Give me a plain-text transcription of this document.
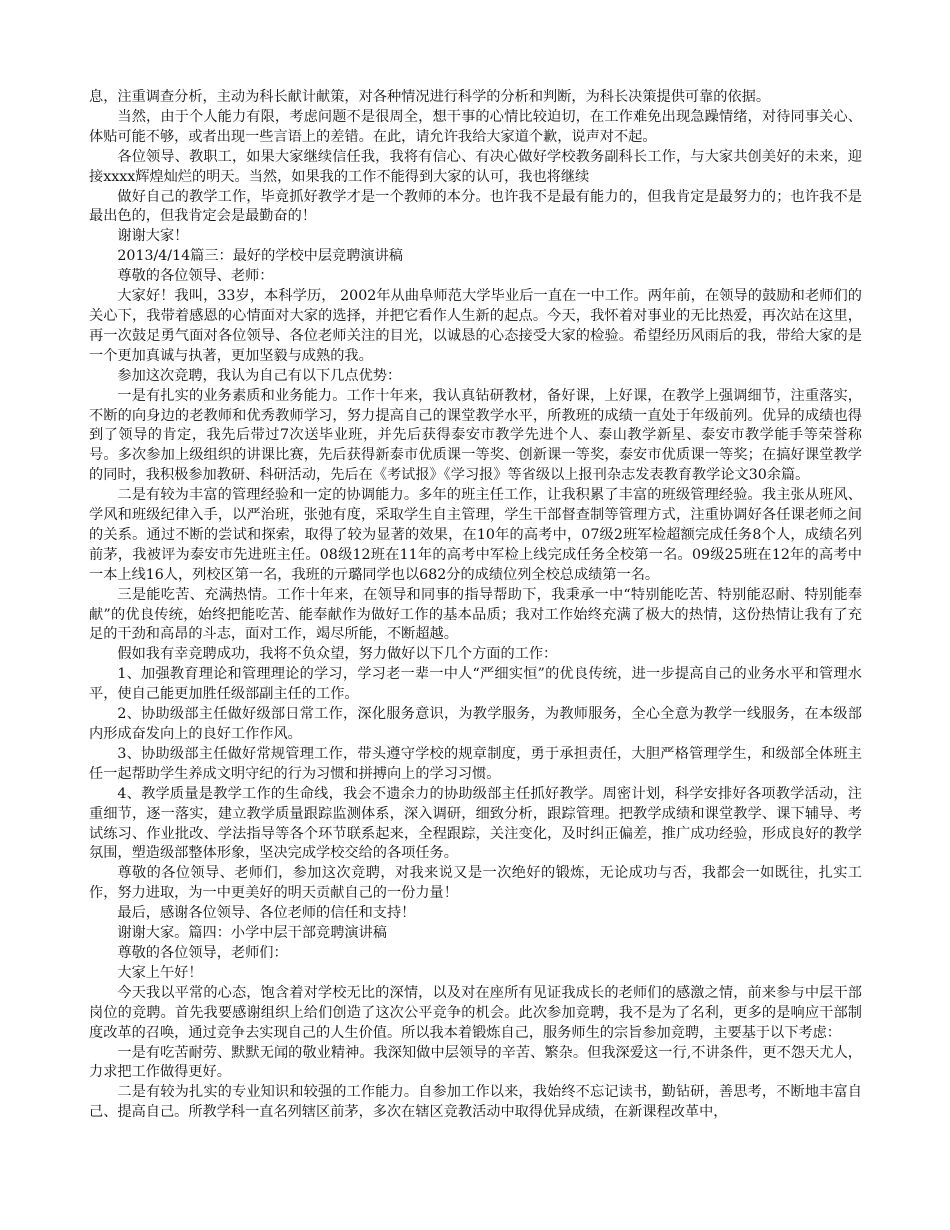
息，注重调查分析，主动为科长献计献策，对各种情况进行科学的分析和判断，为科长决策提供可靠的依据。

当然，由于个人能力有限，考虑问题不是很周全，想干事的心情比较迫切，在工作难免出现急躁情绪，对待同事关心、体贴可能不够，或者出现一些言语上的差错。在此，请允许我给大家道个歉，说声对不起。

各位领导、教职工，如果大家继续信任我，我将有信心、有决心做好学校教务副科长工作，与大家共创美好的未来，迎接xxxx辉煌灿烂的明天。当然，如果我的工作不能得到大家的认可，我也将继续

做好自己的教学工作，毕竟抓好教学才是一个教师的本分。也许我不是最有能力的，但我肯定是最努力的；也许我不是最出色的，但我肯定会是最勤奋的！

谢谢大家！

2013/4/14篇三：最好的学校中层竞聘演讲稿

尊敬的各位领导、老师：

大家好！我叫，33岁，本科学历， 2002年从曲阜师范大学毕业后一直在一中工作。两年前，在领导的鼓励和老师们的关心下，我带着感恩的心情面对大家的选择，并把它看作人生新的起点。今天，我怀着对事业的无比热爱，再次站在这里，再一次鼓足勇气面对各位领导、各位老师关注的目光，以诚恳的心态接受大家的检验。希望经历风雨后的我，带给大家的是一个更加真诚与执著，更加坚毅与成熟的我。

参加这次竞聘，我认为自己有以下几点优势：

一是有扎实的业务素质和业务能力。工作十年来，我认真钻研教材，备好课，上好课，在教学上强调细节，注重落实，不断的向身边的老教师和优秀教师学习，努力提高自己的课堂教学水平，所教班的成绩一直处于年级前列。优异的成绩也得到了领导的肯定，我先后带过7次送毕业班，并先后获得泰安市教学先进个人、泰山教学新星、泰安市教学能手等荣誉称号。多次参加上级组织的讲课比赛，先后获得新泰市优质课一等奖、创新课一等奖，泰安市优质课一等奖；在搞好课堂教学的同时，我积极参加教研、科研活动，先后在《考试报》《学习报》等省级以上报刊杂志发表教育教学论文30余篇。

二是有较为丰富的管理经验和一定的协调能力。多年的班主任工作，让我积累了丰富的班级管理经验。我主张从班风、学风和班级纪律入手，以严治班，张弛有度，采取学生自主管理，学生干部督查制等管理方式，注重协调好各任课老师之间的关系。通过不断的尝试和探索，取得了较为显著的效果，在10年的高考中，07级2班军检超额完成任务8个人，成绩名列前茅，我被评为泰安市先进班主任。08级12班在11年的高考中军检上线完成任务全校第一名。09级25班在12年的高考中一本上线16人，列校区第一名，我班的亓璐同学也以682分的成绩位列全校总成绩第一名。

三是能吃苦、充满热情。工作十年来，在领导和同事的指导帮助下，我秉承一中“特别能吃苦、特别能忍耐、特别能奉献”的优良传统，始终把能吃苦、能奉献作为做好工作的基本品质；我对工作始终充满了极大的热情，这份热情让我有了充足的干劲和高昂的斗志，面对工作，竭尽所能，不断超越。

假如我有幸竞聘成功，我将不负众望，努力做好以下几个方面的工作：

1、加强教育理论和管理理论的学习，学习老一辈一中人“严细实恒”的优良传统，进一步提高自己的业务水平和管理水平，使自己能更加胜任级部副主任的工作。

2、协助级部主任做好级部日常工作，深化服务意识，为教学服务，为教师服务，全心全意为教学一线服务，在本级部内形成奋发向上的良好工作作风。

3、协助级部主任做好常规管理工作，带头遵守学校的规章制度，勇于承担责任，大胆严格管理学生，和级部全体班主任一起帮助学生养成文明守纪的行为习惯和拼搏向上的学习习惯。

4、教学质量是教学工作的生命线，我会不遗余力的协助级部主任抓好教学。周密计划，科学安排好各项教学活动，注重细节，逐一落实，建立教学质量跟踪监测体系，深入调研，细致分析，跟踪管理。把教学成绩和课堂教学、课下辅导、考试练习、作业批改、学法指导等各个环节联系起来，全程跟踪，关注变化，及时纠正偏差，推广成功经验，形成良好的教学氛围，塑造级部整体形象，坚决完成学校交给的各项任务。

尊敬的各位领导、老师们，参加这次竞聘，对我来说又是一次绝好的锻炼，无论成功与否，我都会一如既往，扎实工作，努力进取，为一中更美好的明天贡献自己的一份力量！

最后，感谢各位领导、各位老师的信任和支持！

谢谢大家。篇四：小学中层干部竞聘演讲稿

尊敬的各位领导，老师们：

大家上午好！

今天我以平常的心态，饱含着对学校无比的深情，以及对在座所有见证我成长的老师们的感激之情，前来参与中层干部岗位的竞聘。首先我要感谢组织上给们创造了这次公平竞争的机会。此次参加竞聘，我不是为了名利，更多的是响应干部制度改革的召唤，通过竞争去实现自己的人生价值。所以我本着锻炼自己，服务师生的宗旨参加竞聘，主要基于以下考虑：

一是有吃苦耐劳、默默无闻的敬业精神。我深知做中层领导的辛苦、繁杂。但我深爱这一行,不讲条件，更不怨天尤人，力求把工作做得更好。

二是有较为扎实的专业知识和较强的工作能力。自参加工作以来，我始终不忘记读书，勤钻研，善思考，不断地丰富自己、提高自己。所教学科一直名列辖区前茅，多次在辖区竞教活动中取得优异成绩，在新课程改革中，
